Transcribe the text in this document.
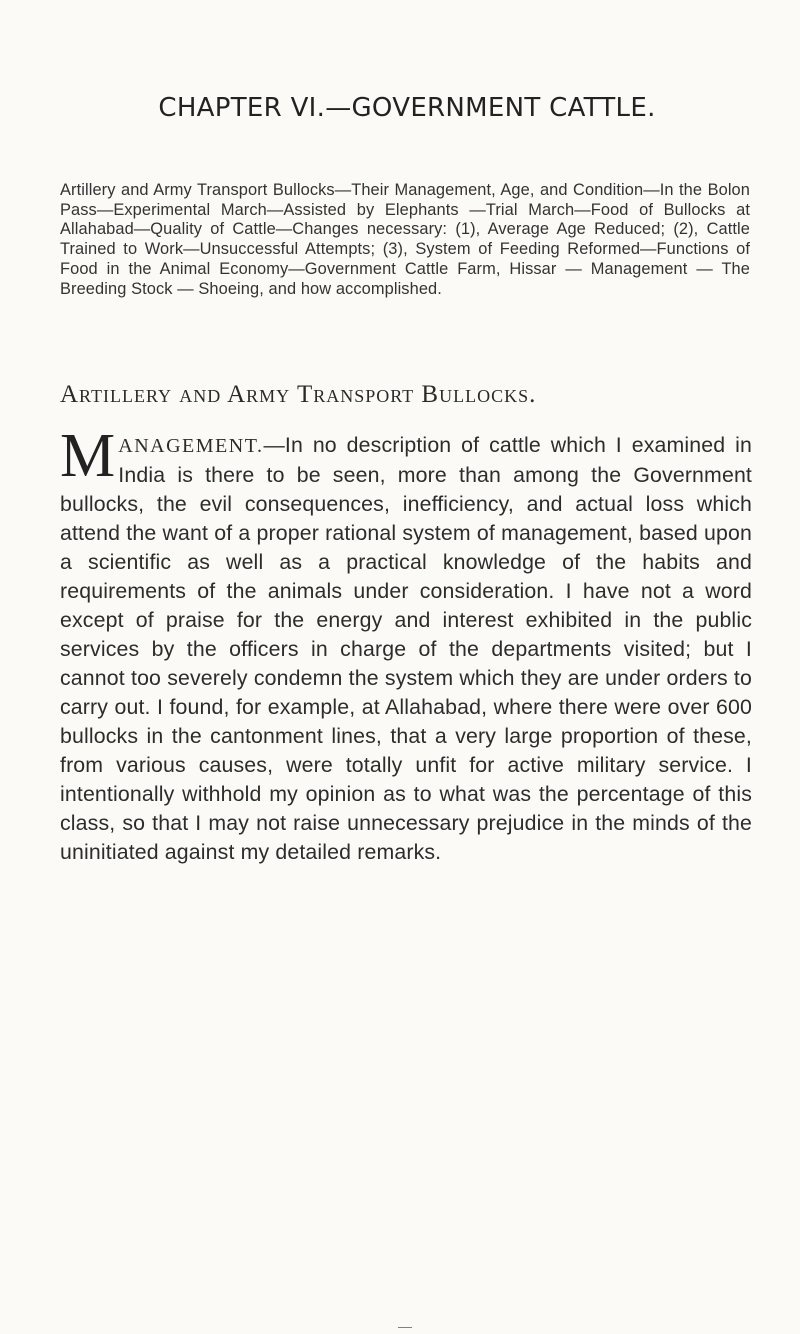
CHAPTER VI.—GOVERNMENT CATTLE.
Artillery and Army Transport Bullocks—Their Management, Age, and Condition—In the Bolon Pass—Experimental March—Assisted by Elephants —Trial March—Food of Bullocks at Allahabad—Quality of Cattle—Changes necessary: (1), Average Age Reduced; (2), Cattle Trained to Work—Unsuccessful Attempts; (3), System of Feeding Reformed—Functions of Food in the Animal Economy—Government Cattle Farm, Hissar — Management — The Breeding Stock — Shoeing, and how accomplished.
Artillery and Army Transport Bullocks.
MANAGEMENT.—In no description of cattle which I examined in India is there to be seen, more than among the Government bullocks, the evil consequences, inefficiency, and actual loss which attend the want of a proper rational system of management, based upon a scientific as well as a practical knowledge of the habits and requirements of the animals under consideration. I have not a word except of praise for the energy and interest exhibited in the public services by the officers in charge of the departments visited; but I cannot too severely condemn the system which they are under orders to carry out. I found, for example, at Allahabad, where there were over 600 bullocks in the cantonment lines, that a very large proportion of these, from various causes, were totally unfit for active military service. I intentionally withhold my opinion as to what was the percentage of this class, so that I may not raise unnecessary prejudice in the minds of the uninitiated against my detailed remarks.
—
